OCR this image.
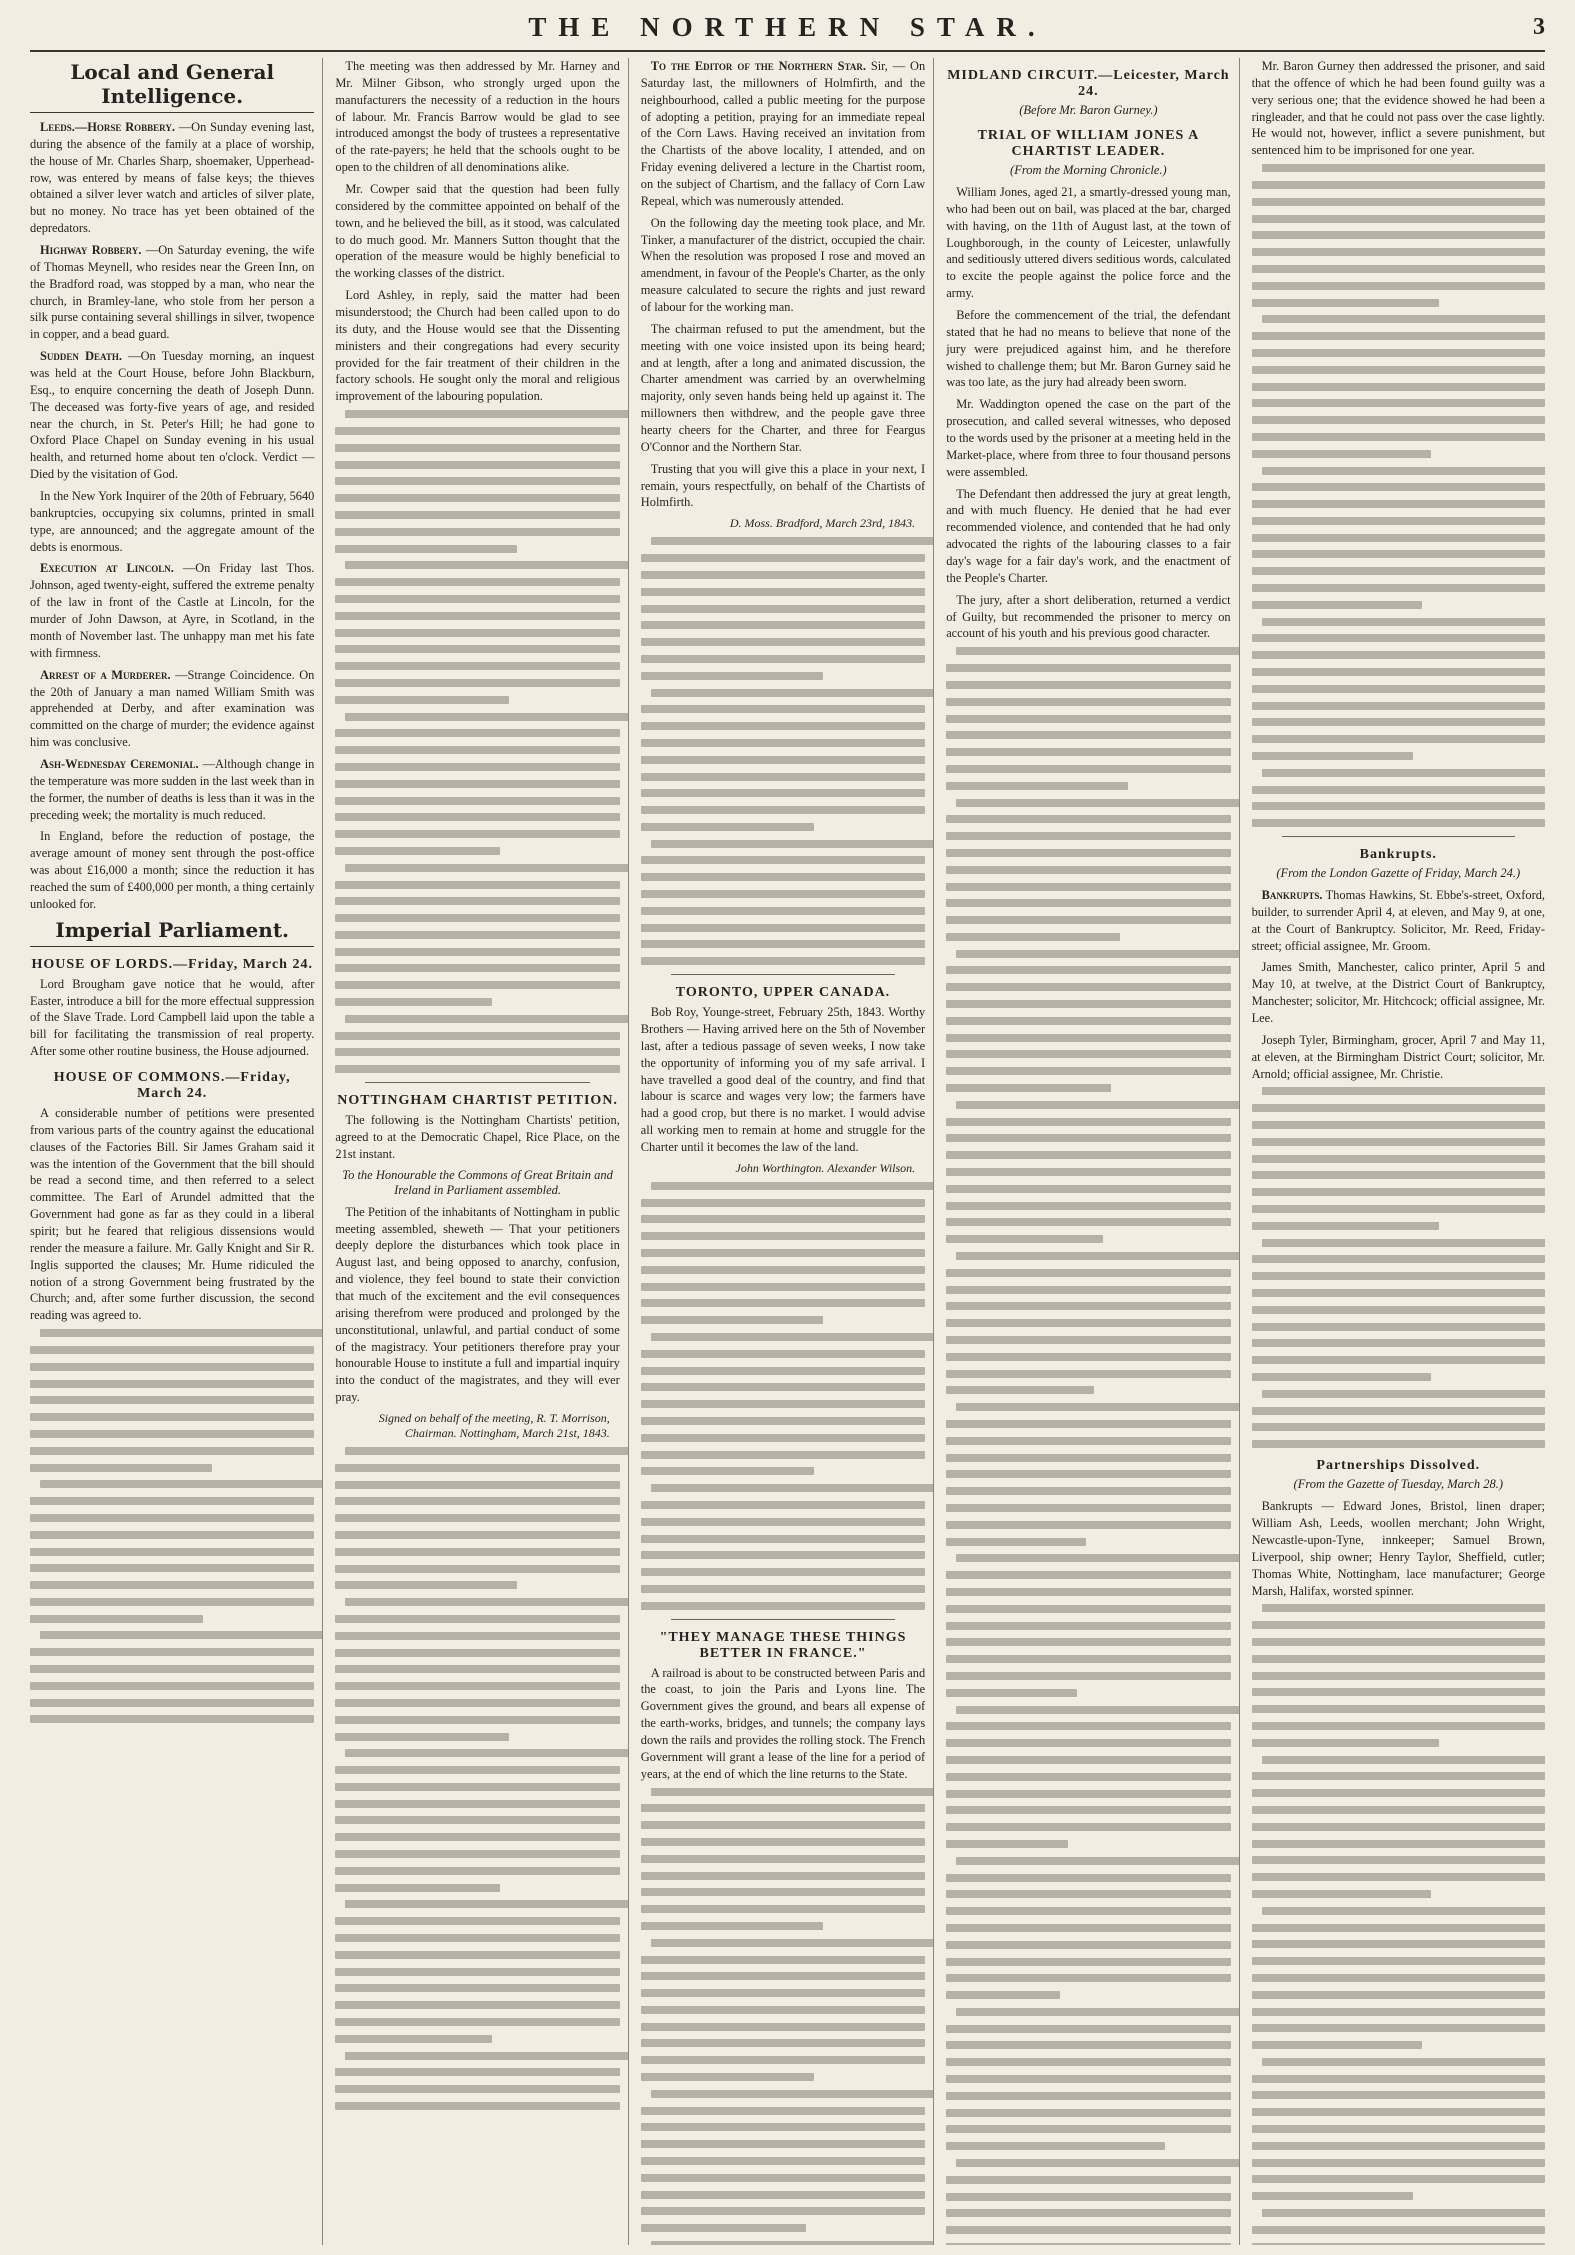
THE NORTHERN STAR.	3
Local and General Intelligence.

Leeds.—Horse Robbery. —On Sunday evening last, during the absence of the family at a place of worship, the house of Mr. Charles Sharp, shoemaker, Upperhead-row, was entered by means of false keys; the thieves obtained a silver lever watch and articles of silver plate, but no money. No trace has yet been obtained of the depredators.

Highway Robbery. —On Saturday evening, the wife of Thomas Meynell, who resides near the Green Inn, on the Bradford road, was stopped by a man, who near the church, in Bramley-lane, who stole from her person a silk purse containing several shillings in silver, twopence in copper, and a bead guard.

Sudden Death. —On Tuesday morning, an inquest was held at the Court House, before John Blackburn, Esq., to enquire concerning the death of Joseph Dunn. The deceased was forty-five years of age, and resided near the church, in St. Peter's Hill; he had gone to Oxford Place Chapel on Sunday evening in his usual health, and returned home about ten o'clock. Verdict — Died by the visitation of God.

In the New York Inquirer of the 20th of February, 5640 bankruptcies, occupying six columns, printed in small type, are announced; and the aggregate amount of the debts is enormous.

Execution at Lincoln. —On Friday last Thos. Johnson, aged twenty-eight, suffered the extreme penalty of the law in front of the Castle at Lincoln, for the murder of John Dawson, at Ayre, in Scotland, in the month of November last. The unhappy man met his fate with firmness.

Arrest of a Murderer. —Strange Coincidence. On the 20th of January a man named William Smith was apprehended at Derby, and after examination was committed on the charge of murder; the evidence against him was conclusive.

Ash-Wednesday Ceremonial. —Although change in the temperature was more sudden in the last week than in the former, the number of deaths is less than it was in the preceding week; the mortality is much reduced.

In England, before the reduction of postage, the average amount of money sent through the post-office was about £16,000 a month; since the reduction it has reached the sum of £400,000 per month, a thing certainly unlooked for.

Imperial Parliament.
HOUSE OF LORDS.—Friday, March 24.

Lord Brougham gave notice that he would, after Easter, introduce a bill for the more effectual suppression of the Slave Trade. Lord Campbell laid upon the table a bill for facilitating the transmission of real property. After some other routine business, the House adjourned.

HOUSE OF COMMONS.—Friday, March 24.

A considerable number of petitions were presented from various parts of the country against the educational clauses of the Factories Bill. Sir James Graham said it was the intention of the Government that the bill should be read a second time, and then referred to a select committee. The Earl of Arundel admitted that the Government had gone as far as they could in a liberal spirit; but he feared that religious dissensions would render the measure a failure. Mr. Gally Knight and Sir R. Inglis supported the clauses; Mr. Hume ridiculed the notion of a strong Government being frustrated by the Church; and, after some further discussion, the second reading was agreed to.

The meeting was then addressed by Mr. Harney and Mr. Milner Gibson, who strongly urged upon the manufacturers the necessity of a reduction in the hours of labour. Mr. Francis Barrow would be glad to see introduced amongst the body of trustees a representative of the rate-payers; he held that the schools ought to be open to the children of all denominations alike.

Mr. Cowper said that the question had been fully considered by the committee appointed on behalf of the town, and he believed the bill, as it stood, was calculated to do much good. Mr. Manners Sutton thought that the operation of the measure would be highly beneficial to the working classes of the district.

Lord Ashley, in reply, said the matter had been misunderstood; the Church had been called upon to do its duty, and the House would see that the Dissenting ministers and their congregations had every security provided for the fair treatment of their children in the factory schools. He sought only the moral and religious improvement of the labouring population.

NOTTINGHAM CHARTIST PETITION.

The following is the Nottingham Chartists' petition, agreed to at the Democratic Chapel, Rice Place, on the 21st instant.

To the Honourable the Commons of Great Britain and Ireland in Parliament assembled.

The Petition of the inhabitants of Nottingham in public meeting assembled, sheweth — That your petitioners deeply deplore the disturbances which took place in August last, and being opposed to anarchy, confusion, and violence, they feel bound to state their conviction that much of the excitement and the evil consequences arising therefrom were produced and prolonged by the unconstitutional, unlawful, and partial conduct of some of the magistracy. Your petitioners therefore pray your honourable House to institute a full and impartial inquiry into the conduct of the magistrates, and they will ever pray.

Signed on behalf of the meeting, R. T. Morrison, Chairman. Nottingham, March 21st, 1843.

To the Editor of the Northern Star. Sir, — On Saturday last, the millowners of Holmfirth, and the neighbourhood, called a public meeting for the purpose of adopting a petition, praying for an immediate repeal of the Corn Laws. Having received an invitation from the Chartists of the above locality, I attended, and on Friday evening delivered a lecture in the Chartist room, on the subject of Chartism, and the fallacy of Corn Law Repeal, which was numerously attended.

On the following day the meeting took place, and Mr. Tinker, a manufacturer of the district, occupied the chair. When the resolution was proposed I rose and moved an amendment, in favour of the People's Charter, as the only measure calculated to secure the rights and just reward of labour for the working man.

The chairman refused to put the amendment, but the meeting with one voice insisted upon its being heard; and at length, after a long and animated discussion, the Charter amendment was carried by an overwhelming majority, only seven hands being held up against it. The millowners then withdrew, and the people gave three hearty cheers for the Charter, and three for Feargus O'Connor and the Northern Star.

Trusting that you will give this a place in your next, I remain, yours respectfully, on behalf of the Chartists of Holmfirth.

D. Moss. Bradford, March 23rd, 1843.
TORONTO, UPPER CANADA.

Bob Roy, Younge-street, February 25th, 1843. Worthy Brothers — Having arrived here on the 5th of November last, after a tedious passage of seven weeks, I now take the opportunity of informing you of my safe arrival. I have travelled a good deal of the country, and find that labour is scarce and wages very low; the farmers have had a good crop, but there is no market. I would advise all working men to remain at home and struggle for the Charter until it becomes the law of the land.

John Worthington. Alexander Wilson.
"THEY MANAGE THESE THINGS BETTER IN FRANCE."

A railroad is about to be constructed between Paris and the coast, to join the Paris and Lyons line. The Government gives the ground, and bears all expense of the earth-works, bridges, and tunnels; the company lays down the rails and provides the rolling stock. The French Government will grant a lease of the line for a period of years, at the end of which the line returns to the State.

MIDLAND CIRCUIT.—Leicester, March 24.
(Before Mr. Baron Gurney.)
TRIAL OF WILLIAM JONES A CHARTIST LEADER.
(From the Morning Chronicle.)

William Jones, aged 21, a smartly-dressed young man, who had been out on bail, was placed at the bar, charged with having, on the 11th of August last, at the town of Loughborough, in the county of Leicester, unlawfully and seditiously uttered divers seditious words, calculated to excite the people against the police force and the army.

Before the commencement of the trial, the defendant stated that he had no means to believe that none of the jury were prejudiced against him, and he therefore wished to challenge them; but Mr. Baron Gurney said he was too late, as the jury had already been sworn.

Mr. Waddington opened the case on the part of the prosecution, and called several witnesses, who deposed to the words used by the prisoner at a meeting held in the Market-place, where from three to four thousand persons were assembled.

The Defendant then addressed the jury at great length, and with much fluency. He denied that he had ever recommended violence, and contended that he had only advocated the rights of the labouring classes to a fair day's wage for a fair day's work, and the enactment of the People's Charter.

The jury, after a short deliberation, returned a verdict of Guilty, but recommended the prisoner to mercy on account of his youth and his previous good character.

Mr. Baron Gurney then addressed the prisoner, and said that the offence of which he had been found guilty was a very serious one; that the evidence showed he had been a ringleader, and that he could not pass over the case lightly. He would not, however, inflict a severe punishment, but sentenced him to be imprisoned for one year.

Bankrupts.
(From the London Gazette of Friday, March 24.)

Bankrupts. Thomas Hawkins, St. Ebbe's-street, Oxford, builder, to surrender April 4, at eleven, and May 9, at one, at the Court of Bankruptcy. Solicitor, Mr. Reed, Friday-street; official assignee, Mr. Groom.

James Smith, Manchester, calico printer, April 5 and May 10, at twelve, at the District Court of Bankruptcy, Manchester; solicitor, Mr. Hitchcock; official assignee, Mr. Lee.

Joseph Tyler, Birmingham, grocer, April 7 and May 11, at eleven, at the Birmingham District Court; solicitor, Mr. Arnold; official assignee, Mr. Christie.

Partnerships Dissolved.
(From the Gazette of Tuesday, March 28.)

Bankrupts — Edward Jones, Bristol, linen draper; William Ash, Leeds, woollen merchant; John Wright, Newcastle-upon-Tyne, innkeeper; Samuel Brown, Liverpool, ship owner; Henry Taylor, Sheffield, cutler; Thomas White, Nottingham, lace manufacturer; George Marsh, Halifax, worsted spinner.
